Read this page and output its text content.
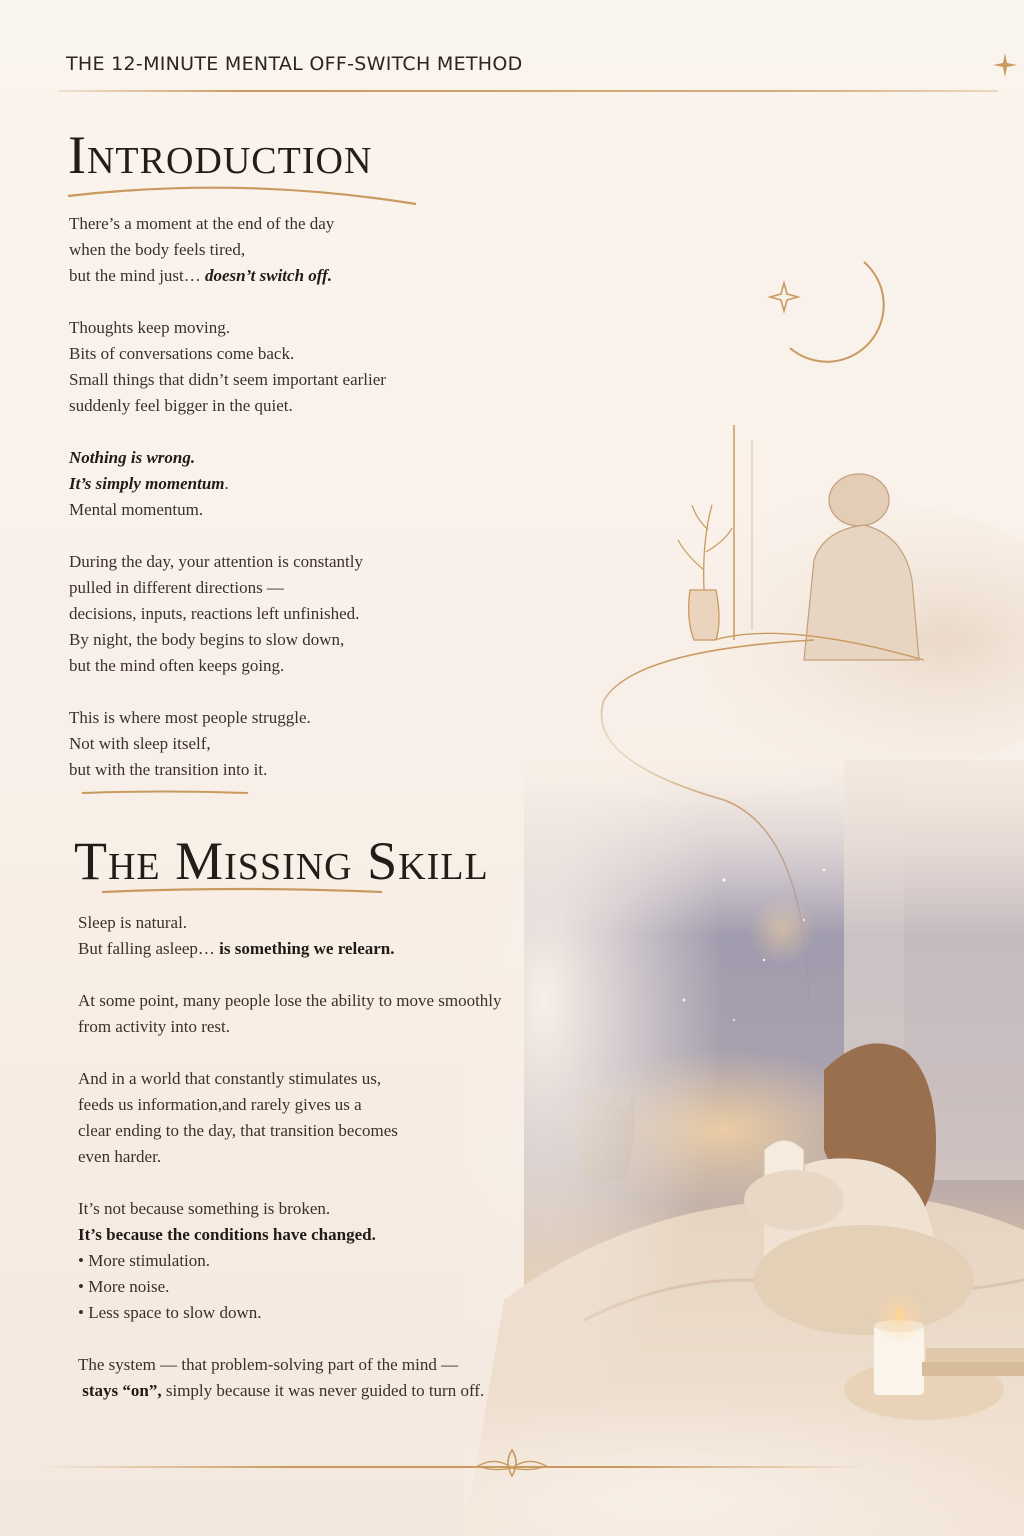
THE 12-MINUTE MENTAL OFF-SWITCH METHOD
Introduction
There’s a moment at the end of the day
when the body feels tired,
but the mind just… doesn’t switch off.
Thoughts keep moving.
Bits of conversations come back.
Small things that didn’t seem important earlier
suddenly feel bigger in the quiet.
Nothing is wrong.
It’s simply momentum.
Mental momentum.
During the day, your attention is constantly
pulled in different directions —
decisions, inputs, reactions left unfinished.
By night, the body begins to slow down,
but the mind often keeps going.
This is where most people struggle.
Not with sleep itself,
but with the transition into it.
The Missing Skill
Sleep is natural.
But falling asleep… is something we relearn.
At some point, many people lose the ability to move smoothly
from activity into rest.
And in a world that constantly stimulates us,
feeds us information,and rarely gives us a
clear ending to the day, that transition becomes
even harder.
It’s not because something is broken.
It’s because the conditions have changed.
• More stimulation.
• More noise.
• Less space to slow down.
The system — that problem-solving part of the mind —
stays “on”, simply because it was never guided to turn off.
